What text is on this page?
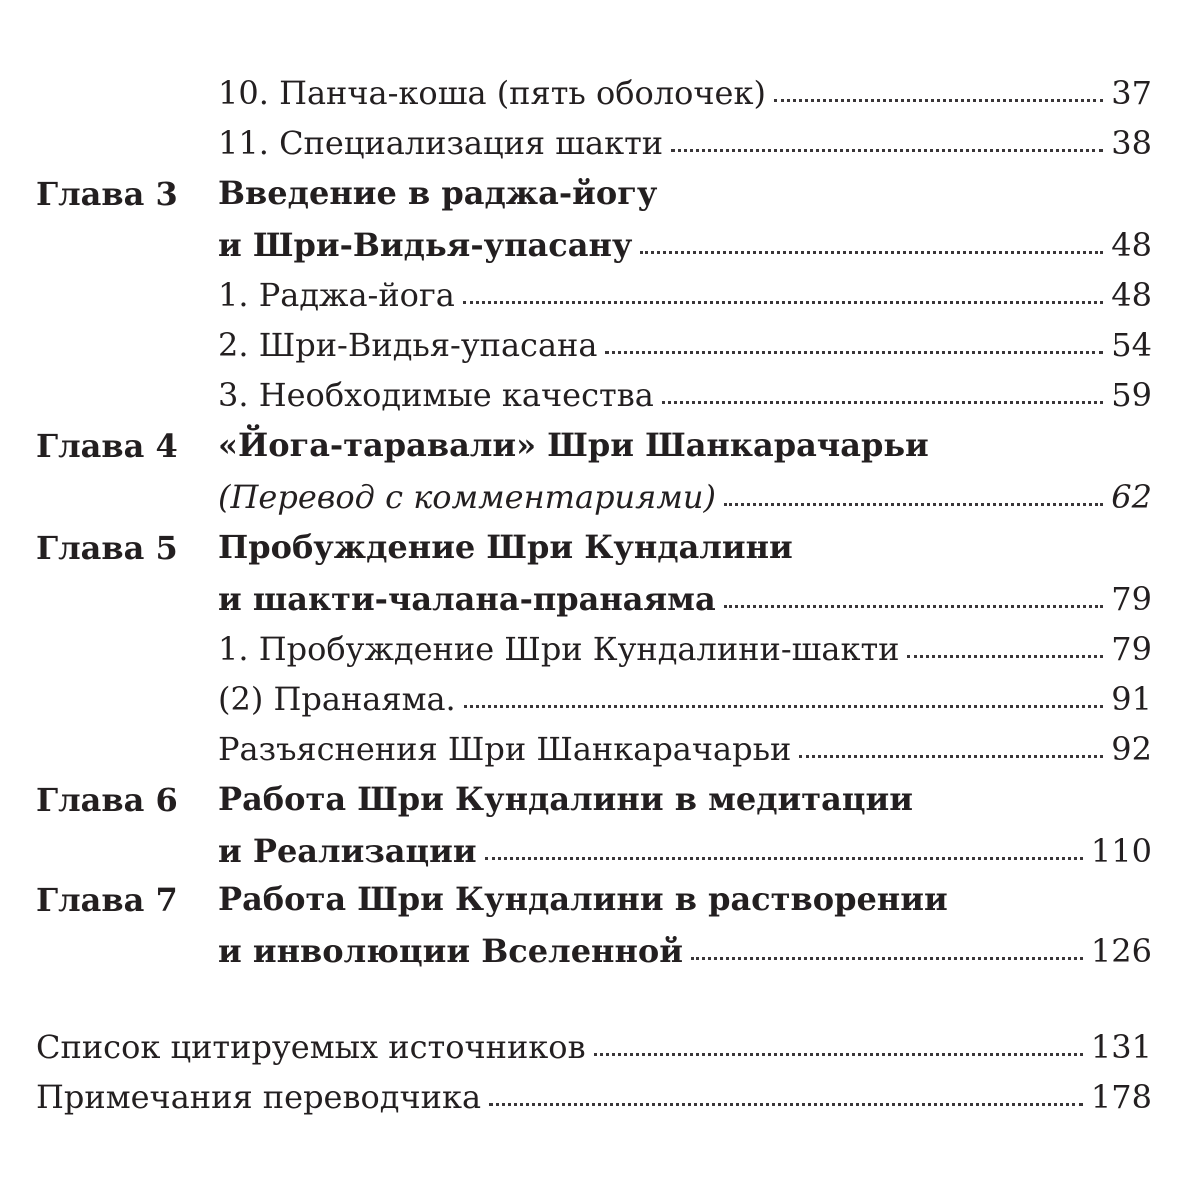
10. Панча-коша (пять оболочек)	37
11. Специализация шакти	38
Глава 3 Введение в раджа-йогу
и Шри-Видья-упасану	48
1. Раджа-йога	48
2. Шри-Видья-упасана	54
3. Необходимые качества	59
Глава 4 «Йога-таравали» Шри Шанкарачарьи
(Перевод с комментариями)	62
Глава 5 Пробуждение Шри Кундалини
и шакти-чалана-пранаяма	79
1. Пробуждение Шри Кундалини-шакти	79
(2) Пранаяма.	91
Разъяснения Шри Шанкарачарьи	92
Глава 6 Работа Шри Кундалини в медитации
и Реализации	110
Глава 7 Работа Шри Кундалини в растворении
и инволюции Вселенной	126
Список цитируемых источников	131
Примечания переводчика	178
